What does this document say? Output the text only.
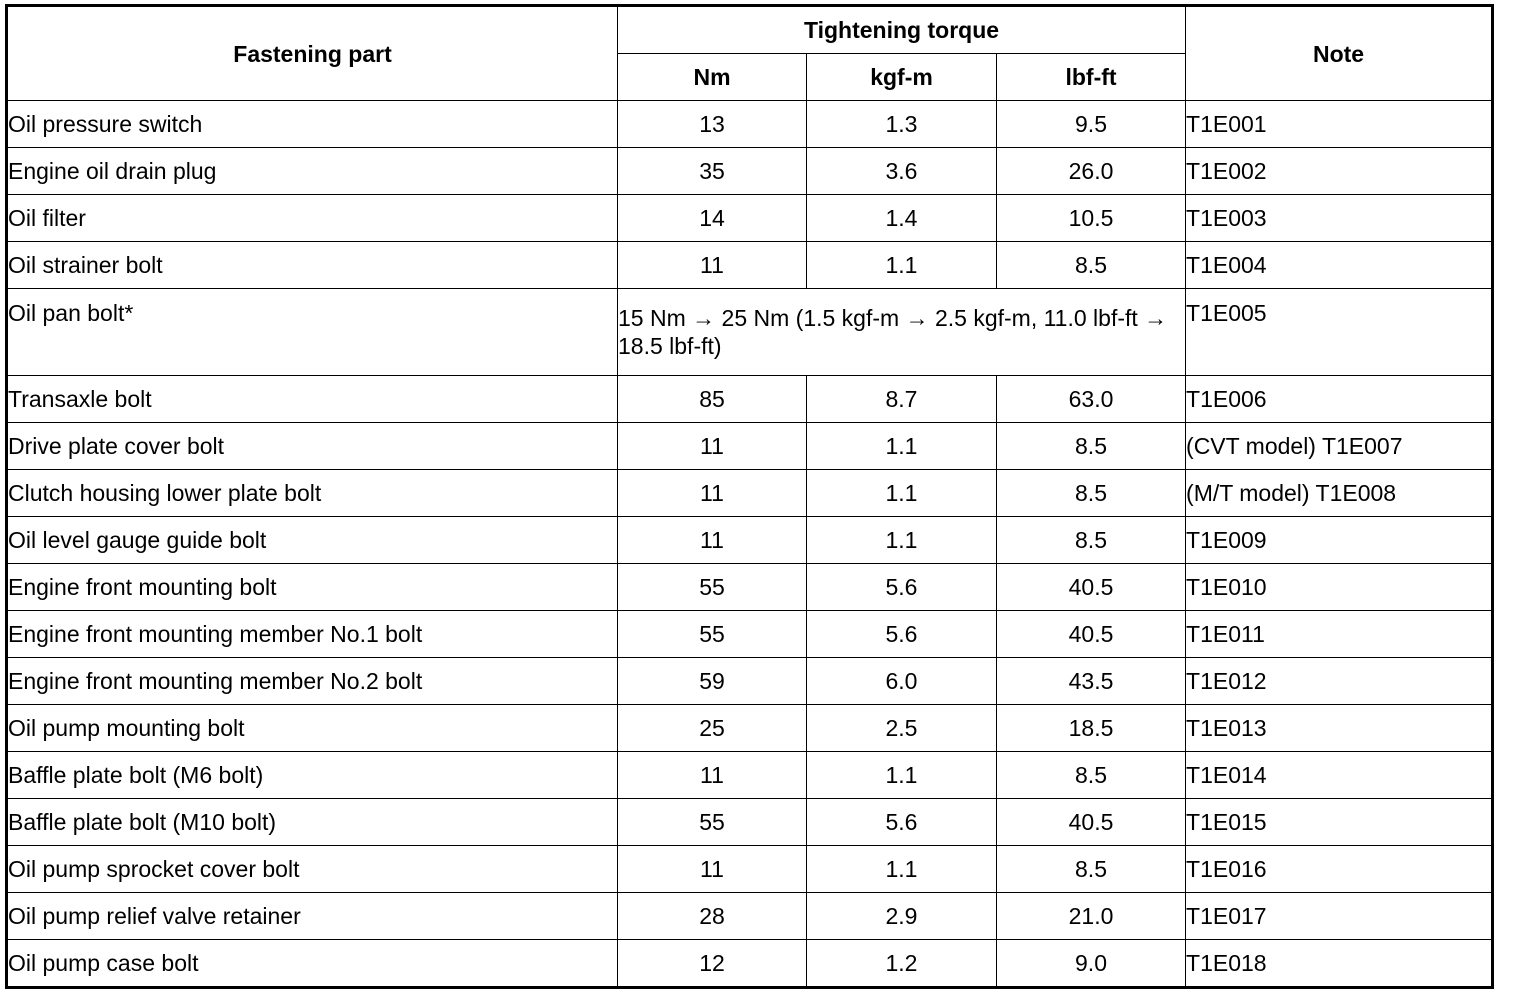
Fastening part	Tightening torque			Note
	Nm	kgf-m	lbf-ft	
Oil pressure switch	13	1.3	9.5	T1E001
Engine oil drain plug	35	3.6	26.0	T1E002
Oil filter	14	1.4	10.5	T1E003
Oil strainer bolt	11	1.1	8.5	T1E004
Oil pan bolt*	15 Nm → 25 Nm (1.5 kgf-m → 2.5 kgf-m, 11.0 lbf-ft → 18.5 lbf-ft)			T1E005
Transaxle bolt	85	8.7	63.0	T1E006
Drive plate cover bolt	11	1.1	8.5	(CVT model) T1E007
Clutch housing lower plate bolt	11	1.1	8.5	(M/T model) T1E008
Oil level gauge guide bolt	11	1.1	8.5	T1E009
Engine front mounting bolt	55	5.6	40.5	T1E010
Engine front mounting member No.1 bolt	55	5.6	40.5	T1E011
Engine front mounting member No.2 bolt	59	6.0	43.5	T1E012
Oil pump mounting bolt	25	2.5	18.5	T1E013
Baffle plate bolt (M6 bolt)	11	1.1	8.5	T1E014
Baffle plate bolt (M10 bolt)	55	5.6	40.5	T1E015
Oil pump sprocket cover bolt	11	1.1	8.5	T1E016
Oil pump relief valve retainer	28	2.9	21.0	T1E017
Oil pump case bolt	12	1.2	9.0	T1E018
